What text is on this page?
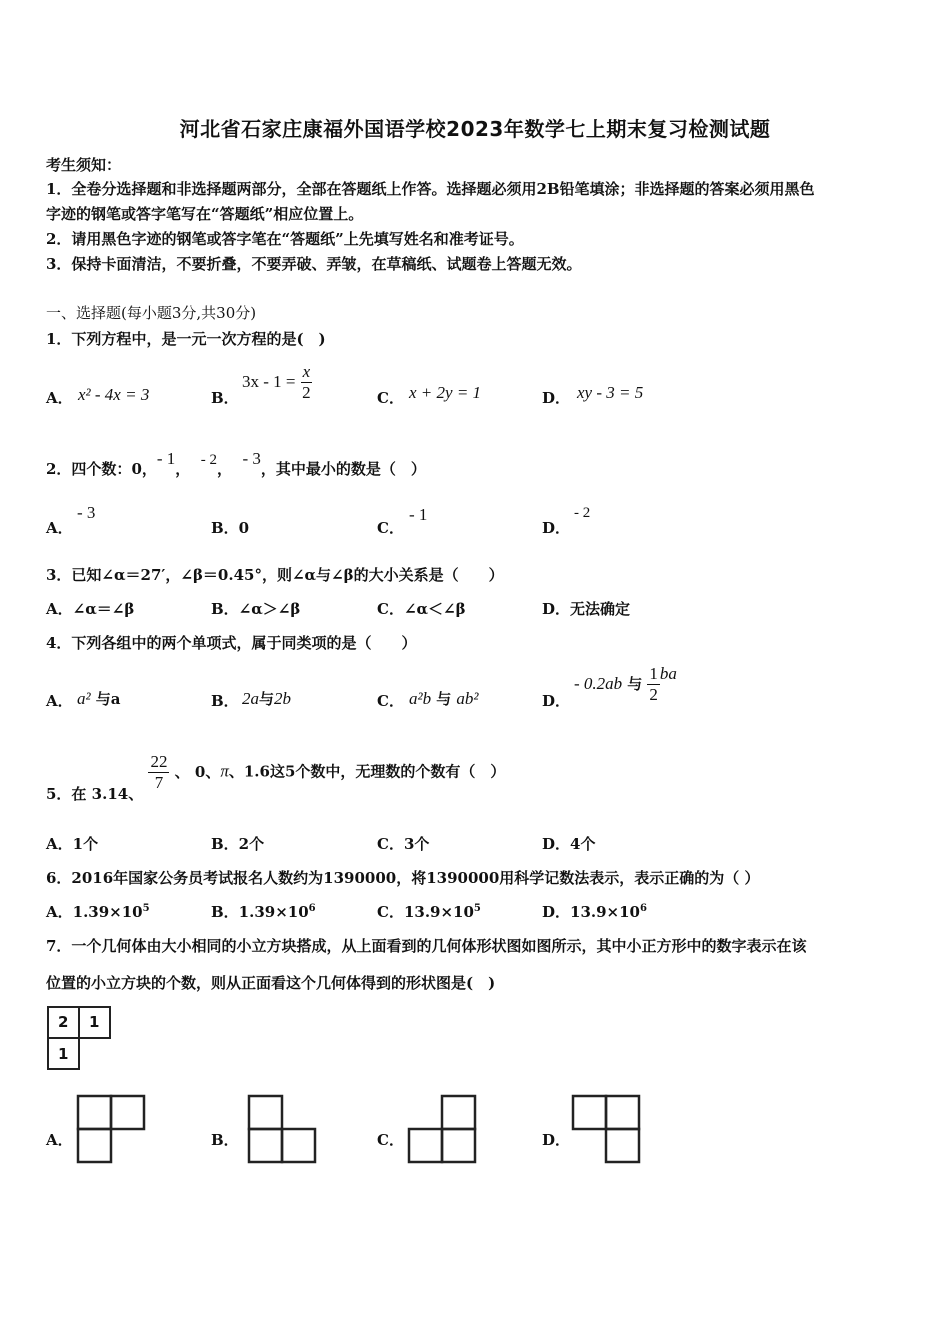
河北省石家庄康福外国语学校2023年数学七上期末复习检测试题
考生须知：
1．全卷分选择题和非选择题两部分，全部在答题纸上作答。选择题必须用2B铅笔填涂；非选择题的答案必须用黑色
字迹的钢笔或答字笔写在“答题纸”相应位置上。
2．请用黑色字迹的钢笔或答字笔在“答题纸”上先填写姓名和准考证号。
3．保持卡面清洁，不要折叠，不要弄破、弄皱，在草稿纸、试题卷上答题无效。
一、选择题(每小题3分,共30分)
1．下列方程中，是一元一次方程的是(　)
A． x² - 4x = 3	B．
$3x - 1 = \frac{x}{2}$	C． x + 2y = 1	D． xy - 3 = 5
2．四个数：0，- 1， - 2，  - 3，其中最小的数是（　）
A．
- 3
B．0	C．
- 1
D．
- 2
3．已知∠α＝27′，∠β＝0.45°，则∠α与∠β的大小关系是（　　）
A．∠α＝∠β	B．∠α＞∠β	C．∠α＜∠β	D．无法确定
4．下列各组中的两个单项式，属于同类项的是（　　）
A． a² 与a	B． 2a与2b	C． a²b 与 ab²	D．
- 0.2ab 与 $\frac{1}{2}$ ba
5．在 3.14、
$\frac{22}{7}$ 、 0、π、1.6这5个数中，无理数的个数有（　）
A．1个	B．2个	C．3个	D．4个
6．2016年国家公务员考试报名人数约为1390000，将1390000用科学记数法表示，表示正确的为（ ）
A．$1.39\times 10^5$	B．$1.39\times 10^6$	C．$13.9\times 10^5$	D．$13.9\times 10^6$
7．一个几何体由大小相同的小立方块搭成，从上面看到的几何体形状图如图所示，其中小正方形中的数字表示在该
位置的小立方块的个数，则从正面看这个几何体得到的形状图是(　)
2 1
1
A．	B．	C．	D．
